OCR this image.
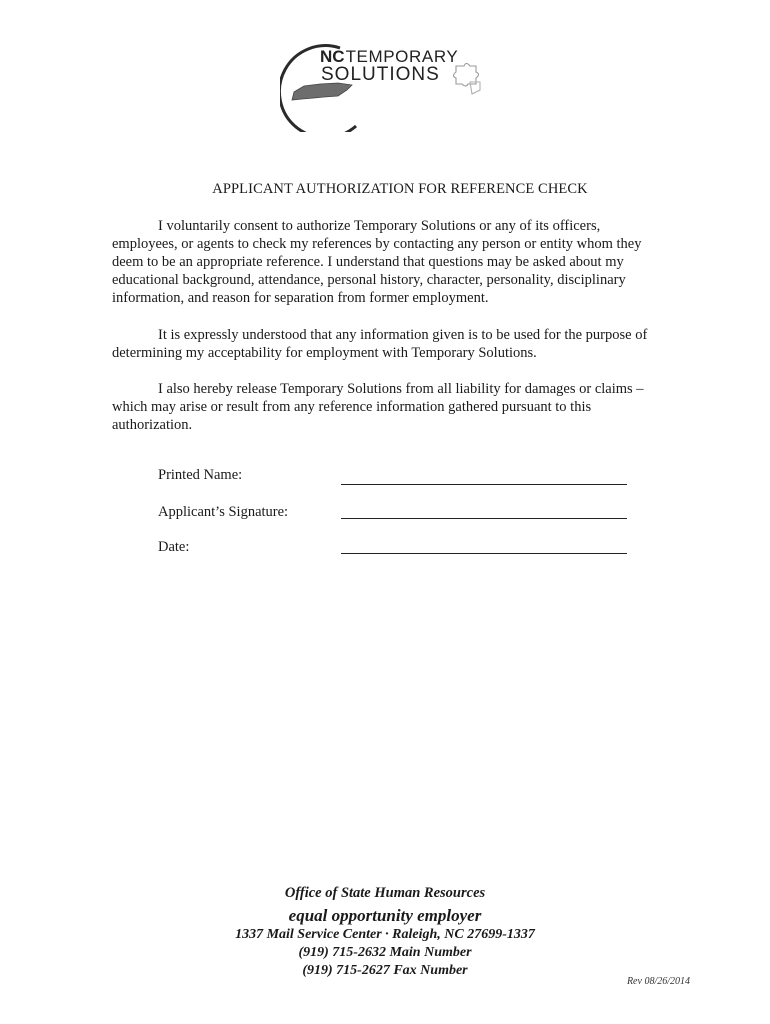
NCTEMPORARY
SOLUTIONS
APPLICANT AUTHORIZATION FOR REFERENCE CHECK

I voluntarily consent to authorize Temporary Solutions or any of its officers, employees, or agents to check my references by contacting any person or entity whom they deem to be an appropriate reference. I understand that questions may be asked about my educational background, attendance, personal history, character, personality, disciplinary information, and reason for separation from former employment.

It is expressly understood that any information given is to be used for the purpose of determining my acceptability for employment with Temporary Solutions.

I also hereby release Temporary Solutions from all liability for damages or claims – which may arise or result from any reference information gathered pursuant to this authorization.

Printed Name:
Applicant’s Signature:
Date:
Office of State Human Resources
equal opportunity employer
1337 Mail Service Center · Raleigh, NC 27699-1337
(919) 715-2632 Main Number
(919) 715-2627 Fax Number
Rev 08/26/2014
